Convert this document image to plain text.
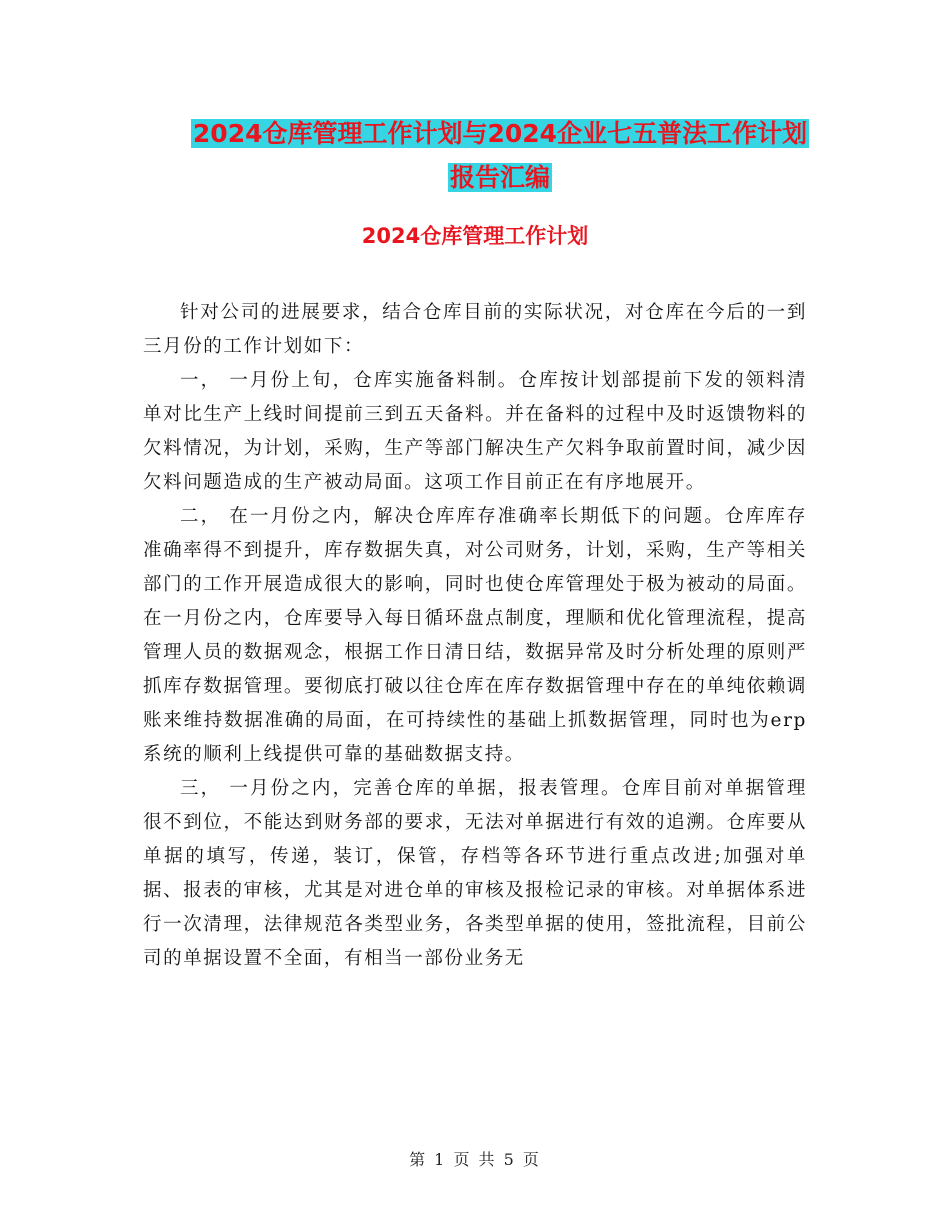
2024仓库管理工作计划与2024企业七五普法工作计划
报告汇编
2024仓库管理工作计划

针对公司的进展要求，结合仓库目前的实际状况，对仓库在今后的一到三月份的工作计划如下：

一， 一月份上旬，仓库实施备料制。仓库按计划部提前下发的领料清单对比生产上线时间提前三到五天备料。并在备料的过程中及时返馈物料的欠料情况，为计划，采购，生产等部门解决生产欠料争取前置时间，减少因欠料问题造成的生产被动局面。这项工作目前正在有序地展开。

二， 在一月份之内，解决仓库库存准确率长期低下的问题。仓库库存准确率得不到提升，库存数据失真，对公司财务，计划，采购，生产等相关部门的工作开展造成很大的影响，同时也使仓库管理处于极为被动的局面。在一月份之内，仓库要导入每日循环盘点制度，理顺和优化管理流程，提高管理人员的数据观念，根据工作日清日结，数据异常及时分析处理的原则严抓库存数据管理。要彻底打破以往仓库在库存数据管理中存在的单纯依赖调账来维持数据准确的局面，在可持续性的基础上抓数据管理，同时也为erp系统的顺利上线提供可靠的基础数据支持。

三， 一月份之内，完善仓库的单据，报表管理。仓库目前对单据管理很不到位，不能达到财务部的要求，无法对单据进行有效的追溯。仓库要从单据的填写，传递，装订，保管，存档等各环节进行重点改进;加强对单据、报表的审核，尤其是对进仓单的审核及报检记录的审核。对单据体系进行一次清理，法律规范各类型业务，各类型单据的使用，签批流程，目前公司的单据设置不全面，有相当一部份业务无

第 1 页 共 5 页
